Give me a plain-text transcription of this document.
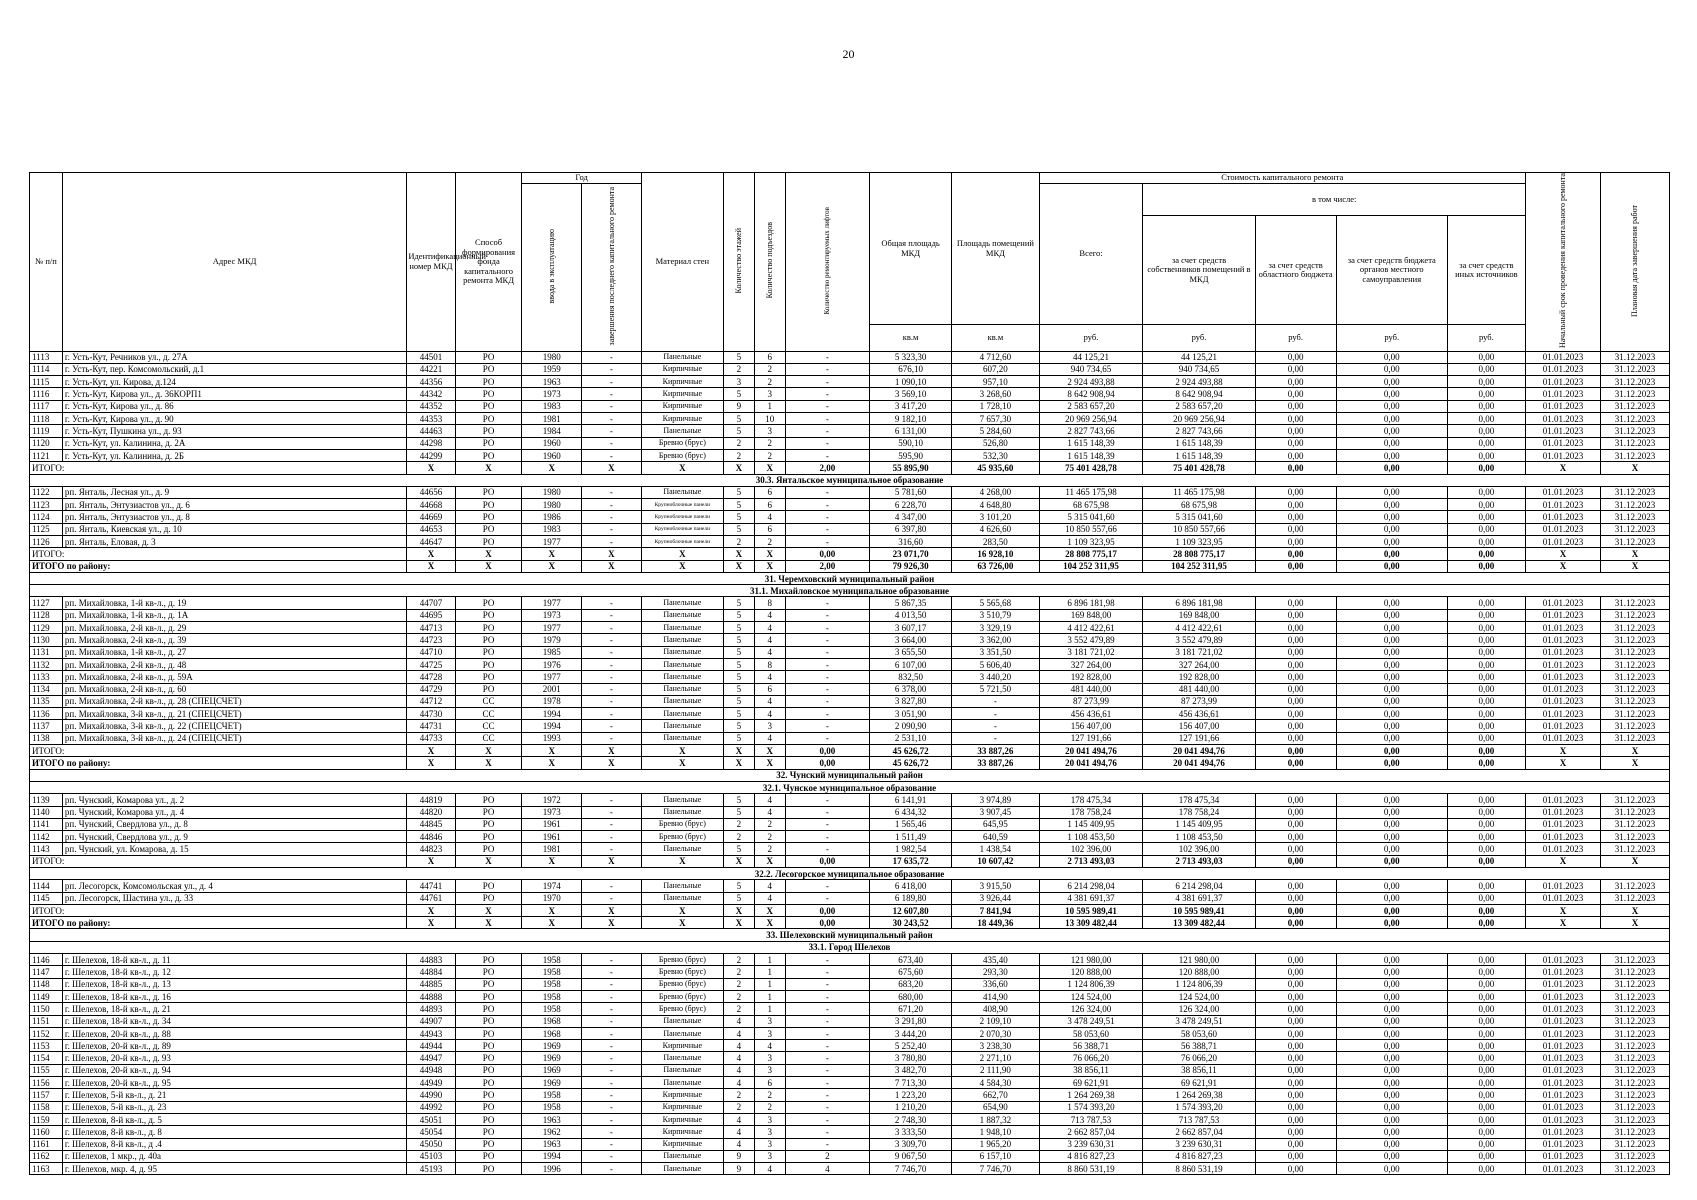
20
№ п/п	Адрес МКД	Идентификационный номер МКД	Способ формирования фонда капитального ремонта МКД	Год		Материал стен	Количество этажей	Количество подъездов	Количество ремонтируемых лифтов	Общая площадь МКД	Площадь помещений МКД	Стоимость капитального ремонта					Начальный срок проведения капитального ремонта	Плановая дата завершения работ
				ввода в эксплуатацию	завершения последнего капитального ремонта							Всего:	в том числе:					
													за счет средств собственников помещений в МКД	за счет средств областного бюджета	за счет средств бюджета органов местного самоуправления	за счет средств иных источников		
										кв.м	кв.м	руб.	руб.	руб.	руб.	руб.		
1113	г. Усть-Кут, Речников ул., д. 27А	44501	РО	1980	-	Панельные	5	6	-	5 323,30	4 712,60	44 125,21	44 125,21	0,00	0,00	0,00	01.01.2023	31.12.2023
1114	г. Усть-Кут, пер. Комсомольский, д.1	44221	РО	1959	-	Кирпичные	2	2	-	676,10	607,20	940 734,65	940 734,65	0,00	0,00	0,00	01.01.2023	31.12.2023
1115	г. Усть-Кут, ул. Кирова, д.124	44356	РО	1963	-	Кирпичные	3	2	-	1 090,10	957,10	2 924 493,88	2 924 493,88	0,00	0,00	0,00	01.01.2023	31.12.2023
1116	г. Усть-Кут, Кирова ул., д. 36КОРП1	44342	РО	1973	-	Кирпичные	5	3	-	3 569,10	3 268,60	8 642 908,94	8 642 908,94	0,00	0,00	0,00	01.01.2023	31.12.2023
1117	г. Усть-Кут, Кирова ул., д. 86	44352	РО	1983	-	Кирпичные	9	1	-	3 417,20	1 728,10	2 583 657,20	2 583 657,20	0,00	0,00	0,00	01.01.2023	31.12.2023
1118	г. Усть-Кут, Кирова ул., д. 90	44353	РО	1981	-	Кирпичные	5	10	-	9 182,10	7 657,30	20 969 256,94	20 969 256,94	0,00	0,00	0,00	01.01.2023	31.12.2023
1119	г. Усть-Кут, Пушкина ул., д. 93	44463	РО	1984	-	Панельные	5	3	-	6 131,00	5 284,60	2 827 743,66	2 827 743,66	0,00	0,00	0,00	01.01.2023	31.12.2023
1120	г. Усть-Кут, ул. Калинина, д. 2А	44298	РО	1960	-	Бревно (брус)	2	2	-	590,10	526,80	1 615 148,39	1 615 148,39	0,00	0,00	0,00	01.01.2023	31.12.2023
1121	г. Усть-Кут, ул. Калинина, д. 2Б	44299	РО	1960	-	Бревно (брус)	2	2	-	595,90	532,30	1 615 148,39	1 615 148,39	0,00	0,00	0,00	01.01.2023	31.12.2023
ИТОГО:		X	X	X	X	X	X	X	2,00	55 895,90	45 935,60	75 401 428,78	75 401 428,78	0,00	0,00	0,00	X	X
30.3. Янтальское муниципальное образование																		
1122	рп. Янталь, Лесная ул., д. 9	44656	РО	1980	-	Панельные	5	6	-	5 781,60	4 268,00	11 465 175,98	11 465 175,98	0,00	0,00	0,00	01.01.2023	31.12.2023
1123	рп. Янталь, Энтузиастов ул., д. 6	44668	РО	1980	-	Крупноблочные панели	5	6	-	6 228,70	4 648,80	68 675,98	68 675,98	0,00	0,00	0,00	01.01.2023	31.12.2023
1124	рп. Янталь, Энтузиастов ул., д. 8	44669	РО	1986	-	Крупноблочные панели	5	4	-	4 347,00	3 101,20	5 315 041,60	5 315 041,60	0,00	0,00	0,00	01.01.2023	31.12.2023
1125	рп. Янталь, Киевская ул., д. 10	44653	РО	1983	-	Крупноблочные панели	5	6	-	6 397,80	4 626,60	10 850 557,66	10 850 557,66	0,00	0,00	0,00	01.01.2023	31.12.2023
1126	рп. Янталь, Еловая, д. 3	44647	РО	1977	-	Крупноблочные панели	2	2	-	316,60	283,50	1 109 323,95	1 109 323,95	0,00	0,00	0,00	01.01.2023	31.12.2023
ИТОГО:		X	X	X	X	X	X	X	0,00	23 071,70	16 928,10	28 808 775,17	28 808 775,17	0,00	0,00	0,00	X	X
ИТОГО по району:		X	X	X	X	X	X	X	2,00	79 926,30	63 726,00	104 252 311,95	104 252 311,95	0,00	0,00	0,00	X	X
31. Черемховский муниципальный район																		
31.1. Михайловское муниципальное образование																		
1127	рп. Михайловка, 1-й кв-л., д. 19	44707	РО	1977	-	Панельные	5	8	-	5 867,35	5 565,68	6 896 181,98	6 896 181,98	0,00	0,00	0,00	01.01.2023	31.12.2023
1128	рп. Михайловка, 1-й кв-л., д. 1А	44695	РО	1973	-	Панельные	5	4	-	4 013,50	3 510,79	169 848,00	169 848,00	0,00	0,00	0,00	01.01.2023	31.12.2023
1129	рп. Михайловка, 2-й кв-л., д. 29	44713	РО	1977	-	Панельные	5	4	-	3 607,17	3 329,19	4 412 422,61	4 412 422,61	0,00	0,00	0,00	01.01.2023	31.12.2023
1130	рп. Михайловка, 2-й кв-л., д. 39	44723	РО	1979	-	Панельные	5	4	-	3 664,00	3 362,00	3 552 479,89	3 552 479,89	0,00	0,00	0,00	01.01.2023	31.12.2023
1131	рп. Михайловка, 1-й кв-л., д. 27	44710	РО	1985	-	Панельные	5	4	-	3 655,50	3 351,50	3 181 721,02	3 181 721,02	0,00	0,00	0,00	01.01.2023	31.12.2023
1132	рп. Михайловка, 2-й кв-л., д. 48	44725	РО	1976	-	Панельные	5	8	-	6 107,00	5 606,40	327 264,00	327 264,00	0,00	0,00	0,00	01.01.2023	31.12.2023
1133	рп. Михайловка, 2-й кв-л., д. 59А	44728	РО	1977	-	Панельные	5	4	-	832,50	3 440,20	192 828,00	192 828,00	0,00	0,00	0,00	01.01.2023	31.12.2023
1134	рп. Михайловка, 2-й кв-л., д. 60	44729	РО	2001	-	Панельные	5	6	-	6 378,00	5 721,50	481 440,00	481 440,00	0,00	0,00	0,00	01.01.2023	31.12.2023
1135	рп. Михайловка, 2-й кв-л., д. 28 (СПЕЦСЧЕТ)	44712	СС	1978	-	Панельные	5	4	-	3 827,80	-	87 273,99	87 273,99	0,00	0,00	0,00	01.01.2023	31.12.2023
1136	рп. Михайловка, 3-й кв-л., д. 21 (СПЕЦСЧЕТ)	44730	СС	1994	-	Панельные	5	4	-	3 051,90	-	456 436,61	456 436,61	0,00	0,00	0,00	01.01.2023	31.12.2023
1137	рп. Михайловка, 3-й кв-л., д. 22 (СПЕЦСЧЕТ)	44731	СС	1994	-	Панельные	5	3	-	2 090,90	-	156 407,00	156 407,00	0,00	0,00	0,00	01.01.2023	31.12.2023
1138	рп. Михайловка, 3-й кв-л., д. 24 (СПЕЦСЧЕТ)	44733	СС	1993	-	Панельные	5	4	-	2 531,10	-	127 191,66	127 191,66	0,00	0,00	0,00	01.01.2023	31.12.2023
ИТОГО:		X	X	X	X	X	X	X	0,00	45 626,72	33 887,26	20 041 494,76	20 041 494,76	0,00	0,00	0,00	X	X
ИТОГО по району:		X	X	X	X	X	X	X	0,00	45 626,72	33 887,26	20 041 494,76	20 041 494,76	0,00	0,00	0,00	X	X
32. Чунский муниципальный район																		
32.1. Чунское муниципальное образование																		
1139	рп. Чунский, Комарова ул., д. 2	44819	РО	1972	-	Панельные	5	4	-	6 141,91	3 974,89	178 475,34	178 475,34	0,00	0,00	0,00	01.01.2023	31.12.2023
1140	рп. Чунский, Комарова ул., д. 4	44820	РО	1973	-	Панельные	5	4	-	6 434,32	3 907,45	178 758,24	178 758,24	0,00	0,00	0,00	01.01.2023	31.12.2023
1141	рп. Чунский, Свердлова ул., д. 8	44845	РО	1961	-	Бревно (брус)	2	2	-	1 565,46	645,95	1 145 409,95	1 145 409,95	0,00	0,00	0,00	01.01.2023	31.12.2023
1142	рп. Чунский, Свердлова ул., д. 9	44846	РО	1961	-	Бревно (брус)	2	2	-	1 511,49	640,59	1 108 453,50	1 108 453,50	0,00	0,00	0,00	01.01.2023	31.12.2023
1143	рп. Чунский, ул. Комарова, д. 15	44823	РО	1981	-	Панельные	5	2	-	1 982,54	1 438,54	102 396,00	102 396,00	0,00	0,00	0,00	01.01.2023	31.12.2023
ИТОГО:		X	X	X	X	X	X	X	0,00	17 635,72	10 607,42	2 713 493,03	2 713 493,03	0,00	0,00	0,00	X	X
32.2. Лесогорское муниципальное образование																		
1144	рп. Лесогорск, Комсомольская ул., д. 4	44741	РО	1974	-	Панельные	5	4	-	6 418,00	3 915,50	6 214 298,04	6 214 298,04	0,00	0,00	0,00	01.01.2023	31.12.2023
1145	рп. Лесогорск, Шастина ул., д. 33	44761	РО	1970	-	Панельные	5	4	-	6 189,80	3 926,44	4 381 691,37	4 381 691,37	0,00	0,00	0,00	01.01.2023	31.12.2023
ИТОГО:		X	X	X	X	X	X	X	0,00	12 607,80	7 841,94	10 595 989,41	10 595 989,41	0,00	0,00	0,00	X	X
ИТОГО по району:		X	X	X	X	X	X	X	0,00	30 243,52	18 449,36	13 309 482,44	13 309 482,44	0,00	0,00	0,00	X	X
33. Шелеховский муниципальный район																		
33.1. Город Шелехов																		
1146	г. Шелехов, 18-й кв-л., д. 11	44883	РО	1958	-	Бревно (брус)	2	1	-	673,40	435,40	121 980,00	121 980,00	0,00	0,00	0,00	01.01.2023	31.12.2023
1147	г. Шелехов, 18-й кв-л., д. 12	44884	РО	1958	-	Бревно (брус)	2	1	-	675,60	293,30	120 888,00	120 888,00	0,00	0,00	0,00	01.01.2023	31.12.2023
1148	г. Шелехов, 18-й кв-л., д. 13	44885	РО	1958	-	Бревно (брус)	2	1	-	683,20	336,60	1 124 806,39	1 124 806,39	0,00	0,00	0,00	01.01.2023	31.12.2023
1149	г. Шелехов, 18-й кв-л., д. 16	44888	РО	1958	-	Бревно (брус)	2	1	-	680,00	414,90	124 524,00	124 524,00	0,00	0,00	0,00	01.01.2023	31.12.2023
1150	г. Шелехов, 18-й кв-л., д. 21	44893	РО	1958	-	Бревно (брус)	2	1	-	671,20	408,90	126 324,00	126 324,00	0,00	0,00	0,00	01.01.2023	31.12.2023
1151	г. Шелехов, 18-й кв-л., д. 34	44907	РО	1968	-	Панельные	4	3	-	3 291,80	2 109,10	3 478 249,51	3 478 249,51	0,00	0,00	0,00	01.01.2023	31.12.2023
1152	г. Шелехов, 20-й кв-л., д. 88	44943	РО	1968	-	Панельные	4	3	-	3 444,20	2 070,30	58 053,60	58 053,60	0,00	0,00	0,00	01.01.2023	31.12.2023
1153	г. Шелехов, 20-й кв-л., д. 89	44944	РО	1969	-	Кирпичные	4	4	-	5 252,40	3 238,30	56 388,71	56 388,71	0,00	0,00	0,00	01.01.2023	31.12.2023
1154	г. Шелехов, 20-й кв-л., д. 93	44947	РО	1969	-	Панельные	4	3	-	3 780,80	2 271,10	76 066,20	76 066,20	0,00	0,00	0,00	01.01.2023	31.12.2023
1155	г. Шелехов, 20-й кв-л., д. 94	44948	РО	1969	-	Панельные	4	3	-	3 482,70	2 111,90	38 856,11	38 856,11	0,00	0,00	0,00	01.01.2023	31.12.2023
1156	г. Шелехов, 20-й кв-л., д. 95	44949	РО	1969	-	Панельные	4	6	-	7 713,30	4 584,30	69 621,91	69 621,91	0,00	0,00	0,00	01.01.2023	31.12.2023
1157	г. Шелехов, 5-й кв-л., д. 21	44990	РО	1958	-	Кирпичные	2	2	-	1 223,20	662,70	1 264 269,38	1 264 269,38	0,00	0,00	0,00	01.01.2023	31.12.2023
1158	г. Шелехов, 5-й кв-л., д. 23	44992	РО	1958	-	Кирпичные	2	2	-	1 210,20	654,90	1 574 393,20	1 574 393,20	0,00	0,00	0,00	01.01.2023	31.12.2023
1159	г. Шелехов, 8-й кв-л., д. 5	45051	РО	1963	-	Кирпичные	4	3	-	2 748,30	1 887,32	713 787,53	713 787,53	0,00	0,00	0,00	01.01.2023	31.12.2023
1160	г. Шелехов, 8-й кв-л., д. 8	45054	РО	1962	-	Кирпичные	4	3	-	3 333,50	1 948,10	2 662 857,04	2 662 857,04	0,00	0,00	0,00	01.01.2023	31.12.2023
1161	г. Шелехов, 8-й кв-л., д .4	45050	РО	1963	-	Кирпичные	4	3	-	3 309,70	1 965,20	3 239 630,31	3 239 630,31	0,00	0,00	0,00	01.01.2023	31.12.2023
1162	г. Шелехов, 1 мкр., д. 40а	45103	РО	1994	-	Панельные	9	3	2	9 067,50	6 157,10	4 816 827,23	4 816 827,23	0,00	0,00	0,00	01.01.2023	31.12.2023
1163	г. Шелехов, мкр. 4, д. 95	45193	РО	1996	-	Панельные	9	4	4	7 746,70	7 746,70	8 860 531,19	8 860 531,19	0,00	0,00	0,00	01.01.2023	31.12.2023
